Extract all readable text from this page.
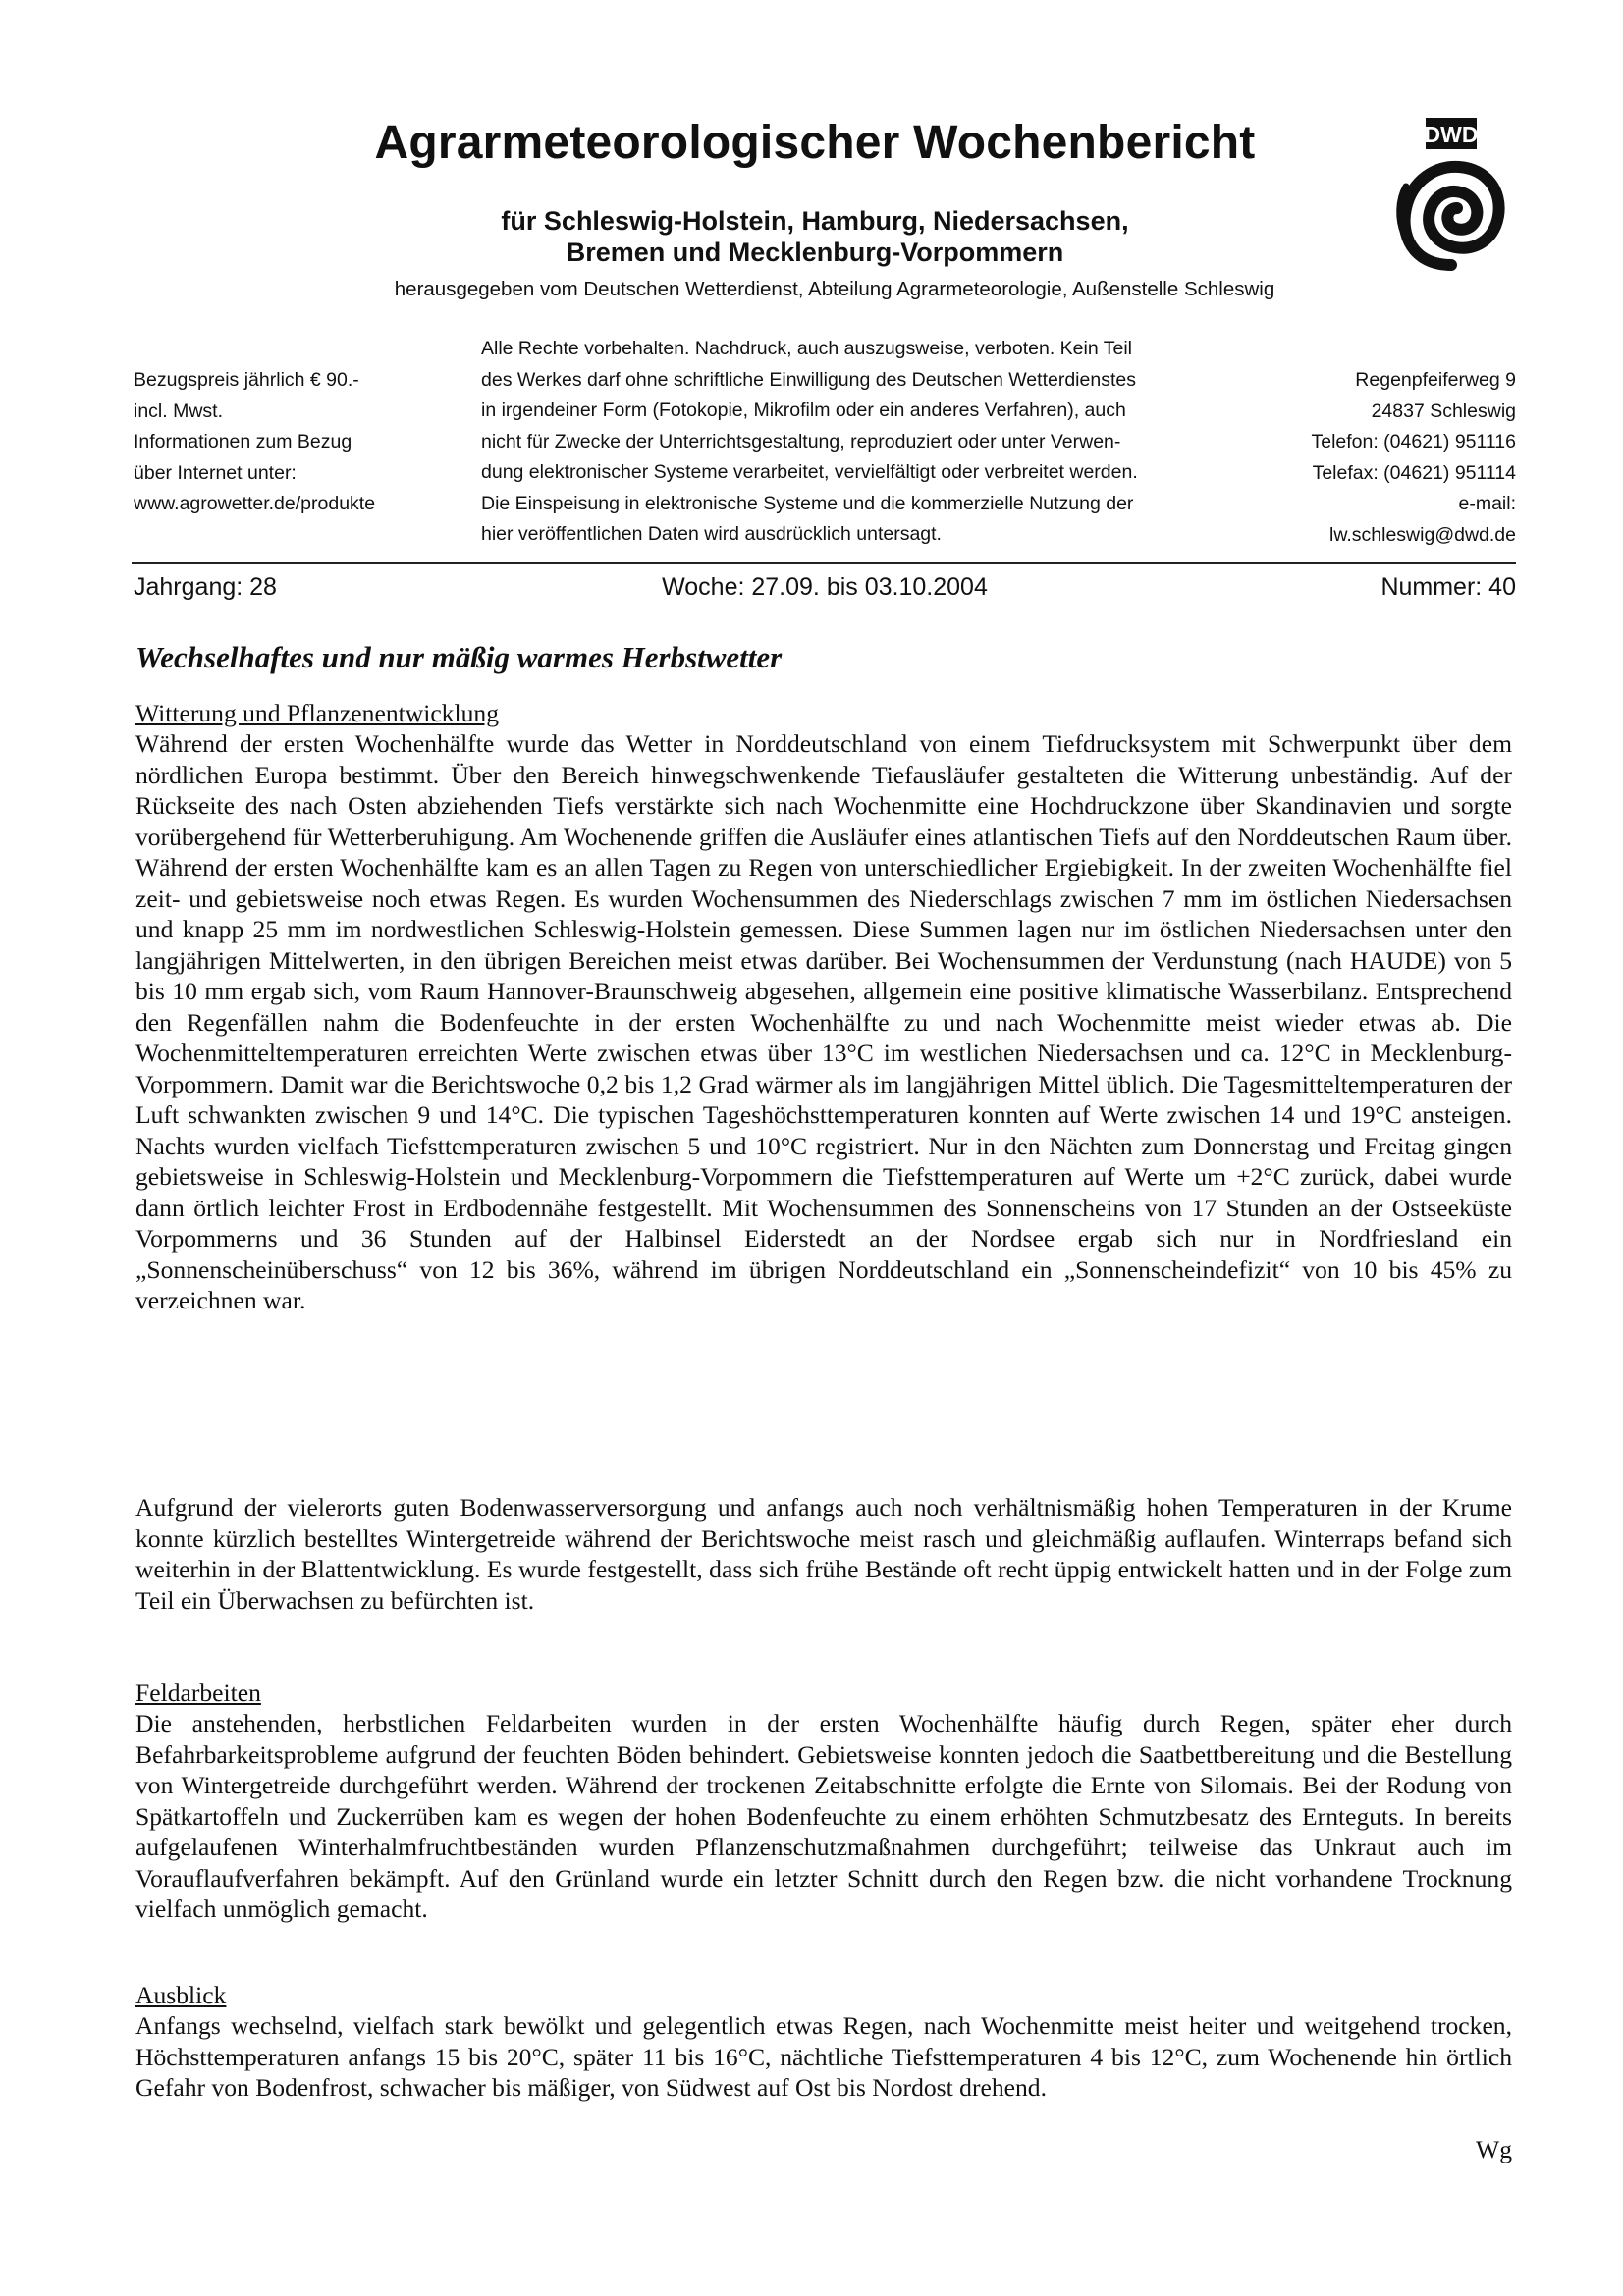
Agrarmeteorologischer Wochenbericht
für Schleswig-Holstein, Hamburg, Niedersachsen,
Bremen und Mecklenburg-Vorpommern
herausgegeben vom Deutschen Wetterdienst, Abteilung Agrarmeteorologie, Außenstelle Schleswig
DWD
Bezugspreis jährlich € 90.-
incl. Mwst.
Informationen zum Bezug
über Internet unter:
www.agrowetter.de/produkte
Alle Rechte vorbehalten. Nachdruck, auch auszugsweise, verboten. Kein Teil
des Werkes darf ohne schriftliche Einwilligung des Deutschen Wetterdienstes
in irgendeiner Form (Fotokopie, Mikrofilm oder ein anderes Verfahren), auch
nicht für Zwecke der Unterrichtsgestaltung, reproduziert oder unter Verwen-
dung elektronischer Systeme verarbeitet, vervielfältigt oder verbreitet werden.
Die Einspeisung in elektronische Systeme und die kommerzielle Nutzung der
hier veröffentlichen Daten wird ausdrücklich untersagt.
Regenpfeiferweg 9
24837 Schleswig
Telefon: (04621) 951116
Telefax: (04621) 951114
e-mail:
lw.schleswig@dwd.de
Jahrgang: 28	Woche: 27.09. bis 03.10.2004	Nummer: 40
Wechselhaftes und nur mäßig warmes Herbstwetter
Witterung und Pflanzenentwicklung
Während der ersten Wochenhälfte wurde das Wetter in Norddeutschland von einem Tiefdrucksystem mit Schwerpunkt über dem nördlichen Europa bestimmt. Über den Bereich hinwegschwenkende Tiefausläufer gestalteten die Witterung unbeständig. Auf der Rückseite des nach Osten abziehenden Tiefs verstärkte sich nach Wochenmitte eine Hochdruckzone über Skandinavien und sorgte vorübergehend für Wetterberuhigung. Am Wochenende griffen die Ausläufer eines atlantischen Tiefs auf den Norddeutschen Raum über. Während der ersten Wochenhälfte kam es an allen Tagen zu Regen von unterschiedlicher Ergiebigkeit. In der zweiten Wochenhälfte fiel zeit- und gebietsweise noch etwas Regen. Es wurden Wochensummen des Niederschlags zwischen 7 mm im östlichen Niedersachsen und knapp 25 mm im nordwestlichen Schleswig-Holstein gemessen. Diese Summen lagen nur im östlichen Niedersachsen unter den langjährigen Mittelwerten, in den übrigen Bereichen meist etwas darüber. Bei Wochensummen der Verdunstung (nach HAUDE) von 5 bis 10 mm ergab sich, vom Raum Hannover-Braunschweig abgesehen, allgemein eine positive klimatische Wasserbilanz. Entsprechend den Regenfällen nahm die Bodenfeuchte in der ersten Wochenhälfte zu und nach Wochenmitte meist wieder etwas ab. Die Wochenmitteltemperaturen erreichten Werte zwischen etwas über 13°C im westlichen Niedersachsen und ca. 12°C in Mecklenburg-Vorpommern. Damit war die Berichtswoche 0,2 bis 1,2 Grad wärmer als im langjährigen Mittel üblich. Die Tagesmitteltemperaturen der Luft schwankten zwischen 9 und 14°C. Die typischen Tageshöchsttemperaturen konnten auf Werte zwischen 14 und 19°C ansteigen. Nachts wurden vielfach Tiefsttemperaturen zwischen 5 und 10°C registriert. Nur in den Nächten zum Donnerstag und Freitag gingen gebietsweise in Schleswig-Holstein und Mecklenburg-Vorpommern die Tiefsttemperaturen auf Werte um +2°C zurück, dabei wurde dann örtlich leichter Frost in Erdbodennähe festgestellt. Mit Wochensummen des Sonnenscheins von 17 Stunden an der Ostseeküste Vorpommerns und 36 Stunden auf der Halbinsel Eiderstedt an der Nordsee ergab sich nur in Nordfriesland ein „Sonnenscheinüberschuss“ von 12 bis 36%, während im übrigen Norddeutschland ein „Sonnenscheindefizit“ von 10 bis 45% zu verzeichnen war.
Aufgrund der vielerorts guten Bodenwasserversorgung und anfangs auch noch verhältnismäßig hohen Temperaturen in der Krume konnte kürzlich bestelltes Wintergetreide während der Berichtswoche meist rasch und gleichmäßig auflaufen. Winterraps befand sich weiterhin in der Blattentwicklung. Es wurde festgestellt, dass sich frühe Bestände oft recht üppig entwickelt hatten und in der Folge zum Teil ein Überwachsen zu befürchten ist.
Feldarbeiten
Die anstehenden, herbstlichen Feldarbeiten wurden in der ersten Wochenhälfte häufig durch Regen, später eher durch Befahrbarkeitsprobleme aufgrund der feuchten Böden behindert. Gebietsweise konnten jedoch die Saatbettbereitung und die Bestellung von Wintergetreide durchgeführt werden. Während der trockenen Zeitabschnitte erfolgte die Ernte von Silomais. Bei der Rodung von Spätkartoffeln und Zuckerrüben kam es wegen der hohen Bodenfeuchte zu einem erhöhten Schmutzbesatz des Ernteguts. In bereits aufgelaufenen Winterhalmfruchtbeständen wurden Pflanzenschutzmaßnahmen durchgeführt; teilweise das Unkraut auch im Vorauflaufverfahren bekämpft. Auf den Grünland wurde ein letzter Schnitt durch den Regen bzw. die nicht vorhandene Trocknung vielfach unmöglich gemacht.
Ausblick
Anfangs wechselnd, vielfach stark bewölkt und gelegentlich etwas Regen, nach Wochenmitte meist heiter und weitgehend trocken, Höchsttemperaturen anfangs 15 bis 20°C, später 11 bis 16°C, nächtliche Tiefsttemperaturen 4 bis 12°C, zum Wochenende hin örtlich Gefahr von Bodenfrost, schwacher bis mäßiger, von Südwest auf Ost bis Nordost drehend.
Wg
